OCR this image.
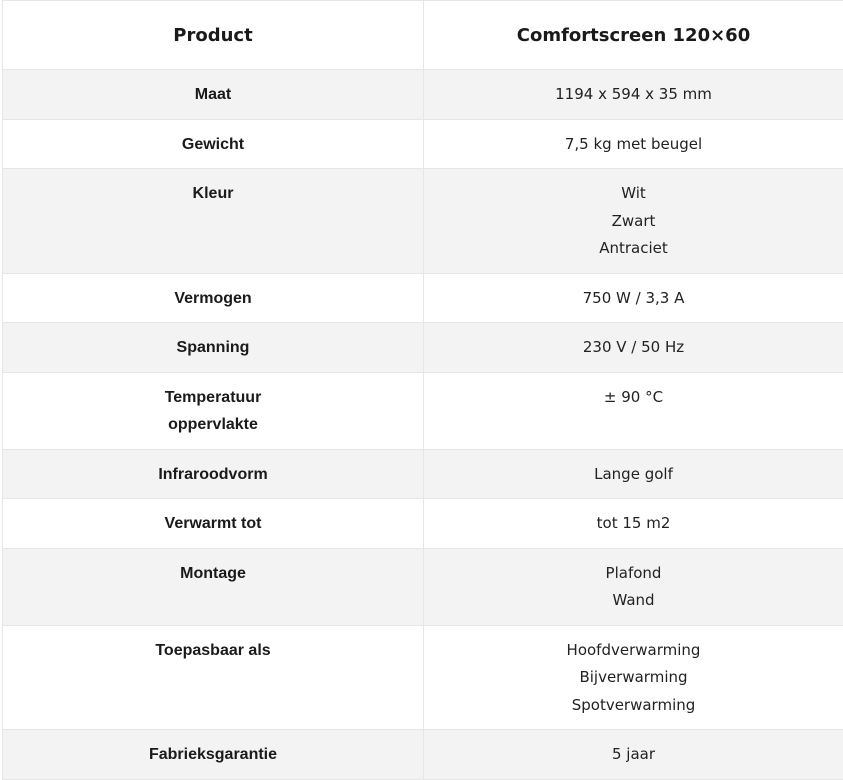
Product	Comfortscreen 120×60
Maat	1194 x 594 x 35 mm

Gewicht	7,5 kg met beugel

Kleur	Wit
Zwart
Antraciet

Vermogen	750 W / 3,3 A

Spanning	230 V / 50 Hz

Temperatuur oppervlakte	± 90 °C

Infraroodvorm	Lange golf

Verwarmt tot	tot 15 m2

Montage	Plafond
Wand

Toepasbaar als	Hoofdverwarming
Bijverwarming
Spotverwarming

Fabrieksgarantie	5 jaar
